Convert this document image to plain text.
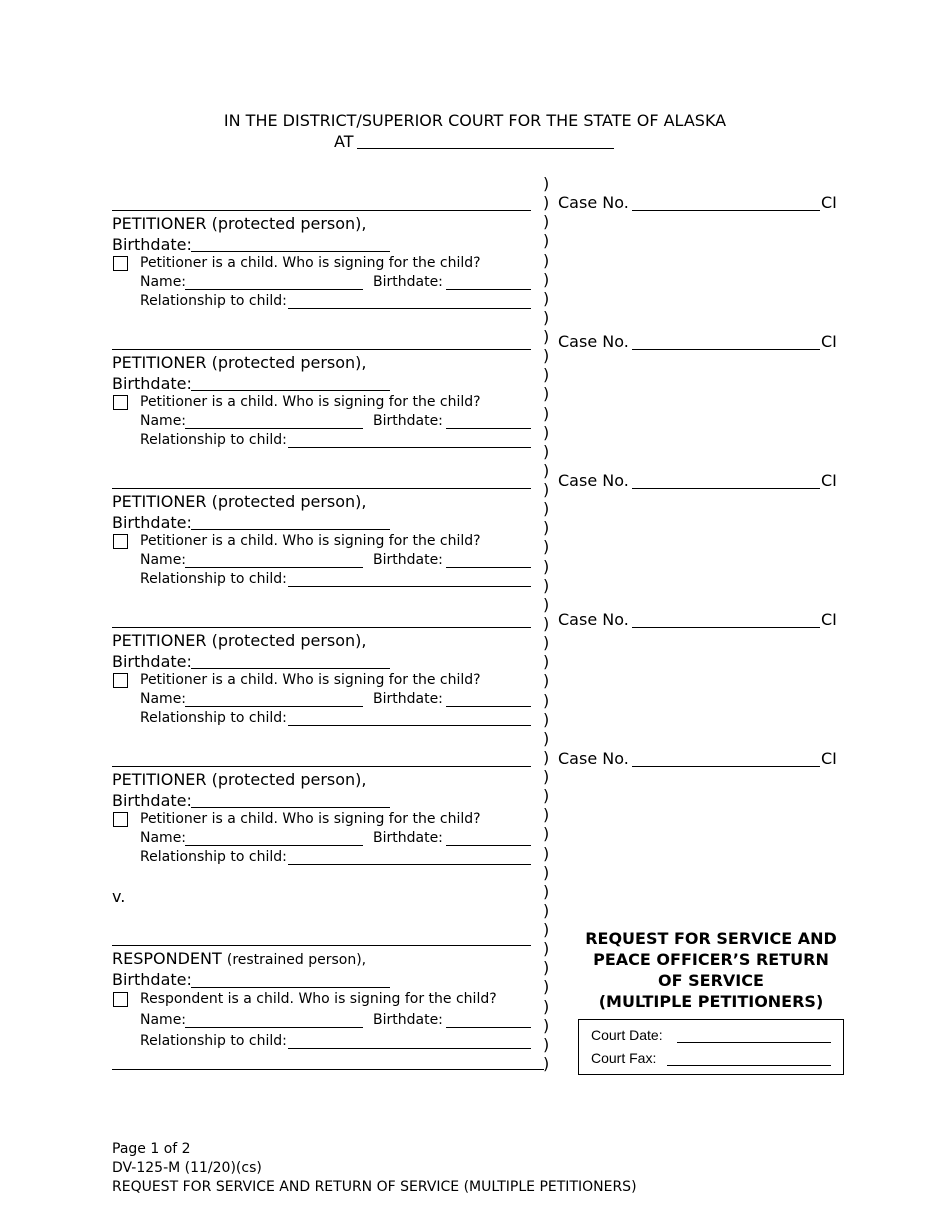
IN THE DISTRICT/SUPERIOR COURT FOR THE STATE OF ALASKA
AT
)
)
)
)
)
)
)
)
)
)
)
)
)
)
)
)
)
)
)
)
)
)
)
)
)
)
)
)
)
)
)
)
)
)
)
)
)
)
)
)
)
)
)
)
)
)
)
PETITIONER (protected person),
Birthdate:
Petitioner is a child. Who is signing for the child?
Name:	Birthdate:
Relationship to child:
Case No.	CI
PETITIONER (protected person),
Birthdate:
Petitioner is a child. Who is signing for the child?
Name:	Birthdate:
Relationship to child:
Case No.	CI
PETITIONER (protected person),
Birthdate:
Petitioner is a child. Who is signing for the child?
Name:	Birthdate:
Relationship to child:
Case No.	CI
PETITIONER (protected person),
Birthdate:
Petitioner is a child. Who is signing for the child?
Name:	Birthdate:
Relationship to child:
Case No.	CI
PETITIONER (protected person),
Birthdate:
Petitioner is a child. Who is signing for the child?
Name:	Birthdate:
Relationship to child:
Case No.	CI
v.
RESPONDENT (restrained person),
Birthdate:
Respondent is a child. Who is signing for the child?
Name:	Birthdate:
Relationship to child:
REQUEST FOR SERVICE AND
PEACE OFFICER’S RETURN
OF SERVICE
(MULTIPLE PETITIONERS)
Court Date:
Court Fax:
Page 1 of 2
DV-125-M (11/20)(cs)
REQUEST FOR SERVICE AND RETURN OF SERVICE (MULTIPLE PETITIONERS)
